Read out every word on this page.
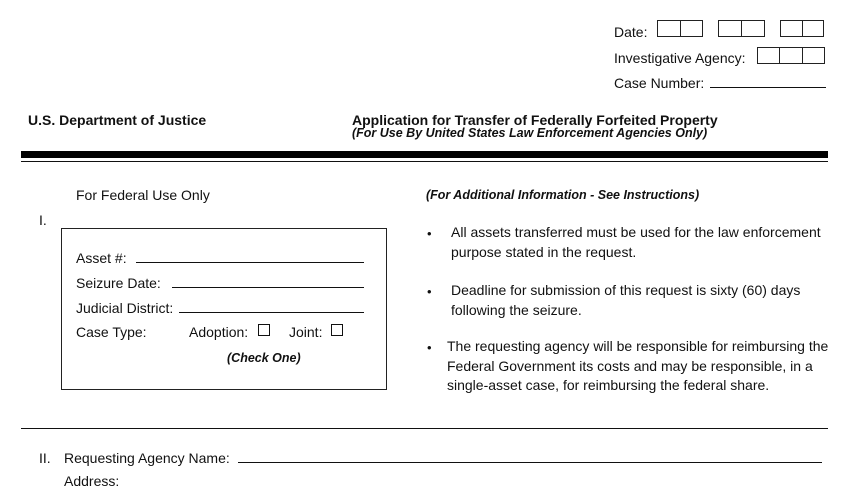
Date:
Investigative Agency:
Case Number:
U.S. Department of Justice	Application for Transfer of Federally Forfeited Property
(For Use By United States Law Enforcement Agencies Only)
For Federal Use Only
I.
Asset #:
Seizure Date:
Judicial District:
Case Type:	Adoption:	Joint:
(Check One)
(For Additional Information - See Instructions)
• All assets transferred must be used for the law enforcement purpose stated in the request.
• Deadline for submission of this request is sixty (60) days following the seizure.
• The requesting agency will be responsible for reimbursing the Federal Government its costs and may be responsible, in a single-asset case, for reimbursing the federal share.
II. Requesting Agency Name:
Address:
